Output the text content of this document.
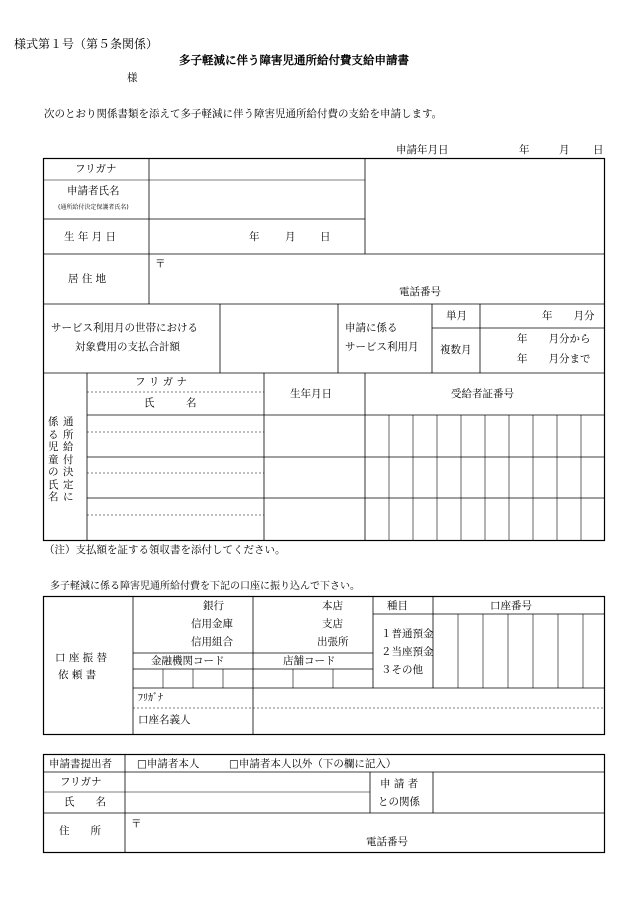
様式第１号（第５条関係）
多子軽減に伴う障害児通所給付費支給申請書
様
次のとおり関係書類を添えて多子軽減に伴う障害児通所給付費の支給を申請します。
申請年月日	年	月 日
フリガナ
申請者氏名
(通所給付決定保護者氏名)
生 年 月 日	年 月 日
居 住 地
〒
電話番号
サービス利用月の世帯における
対象費用の支払合計額
申請に係る
サービス利用月
単月	年　　月分
複数月
年　　月分から
年　　月分まで
通所給付決定に
係る児童の氏名
フ リ ガ ナ
氏　　　名
生年月日	受給者証番号
（注）支払額を証する領収書を添付してください。
多子軽減に係る障害児通所給付費を下記の口座に振り込んで下さい。
口 座 振 替
依 頼 書
銀行
信用金庫
信用組合
本店
支店
出張所
種目	口座番号
１普通預金
２当座預金
３その他
金融機関コード	店舗コード
ﾌﾘｶﾞﾅ
口座名義人
申請書提出者 □申請者本人	□申請者本人以外（下の欄に記入）
フリガナ
氏　　名
申 請 者
との関係
住　　所
〒
電話番号
